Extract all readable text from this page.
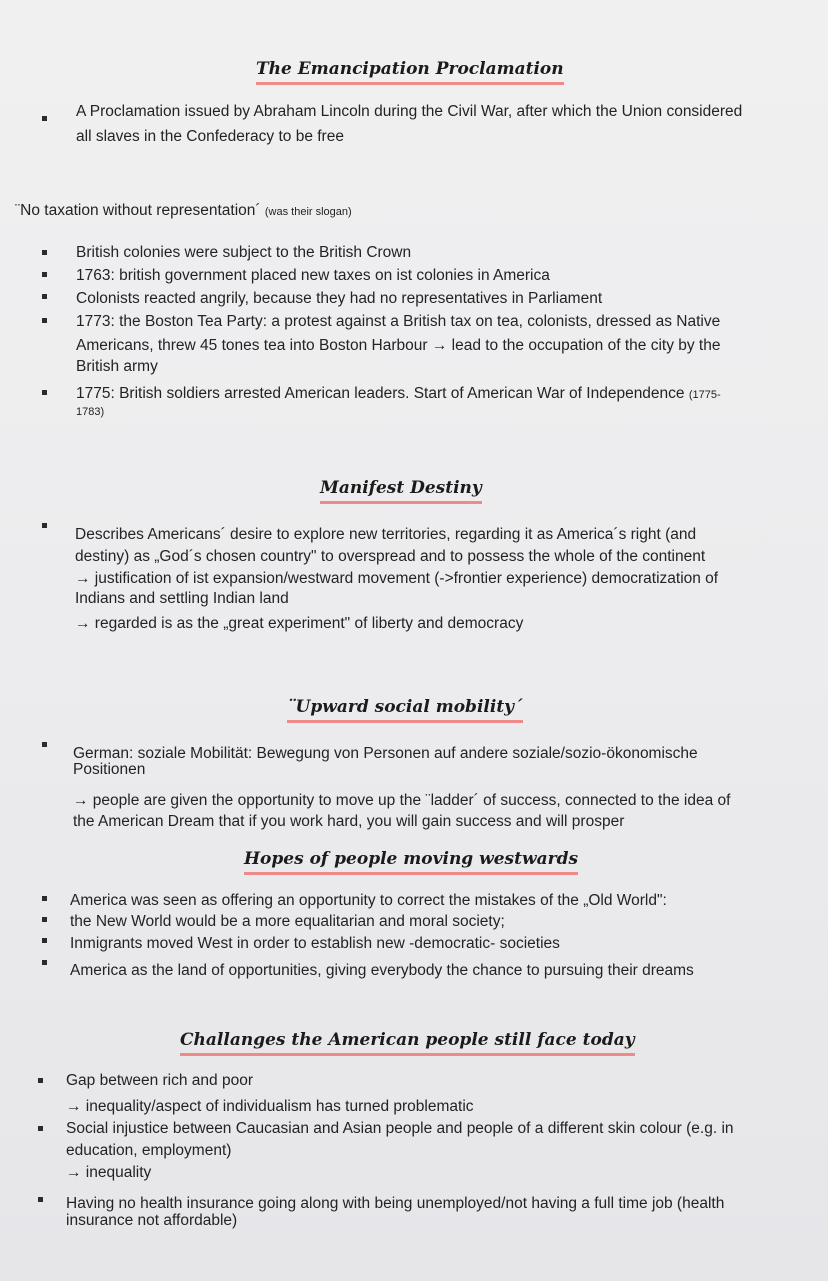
The Emancipation Proclamation
A Proclamation issued by Abraham Lincoln during the Civil War, after which the Union considered
all slaves in the Confederacy to be free
¨No taxation without representation´ (was their slogan)
British colonies were subject to the British Crown
1763: british government placed new taxes on ist colonies in America
Colonists reacted angrily, because they had no representatives in Parliament
1773: the Boston Tea Party: a protest against a British tax on tea, colonists, dressed as Native
Americans, threw 45 tones tea into Boston Harbour → lead to the occupation of the city by the
British army
1775: British soldiers arrested American leaders. Start of American War of Independence (1775-
1783)
Manifest Destiny
Describes Americans´ desire to explore new territories, regarding it as America´s right (and
destiny) as „God´s chosen country" to overspread and to possess the whole of the continent
→ justification of ist expansion/westward movement (->frontier experience) democratization of
Indians and settling Indian land
→ regarded is as the „great experiment" of liberty and democracy
¨Upward social mobility´
German: soziale Mobilität: Bewegung von Personen auf andere soziale/sozio-ökonomische
Positionen
→ people are given the opportunity to move up the ¨ladder´ of success, connected to the idea of
the American Dream that if you work hard, you will gain success and will prosper
Hopes of people moving westwards
America was seen as offering an opportunity to correct the mistakes of the „Old World":
the New World would be a more equalitarian and moral society;
Inmigrants moved West in order to establish new -democratic- societies
America as the land of opportunities, giving everybody the chance to pursuing their dreams
Challanges the American people still face today
Gap between rich and poor
→ inequality/aspect of individualism has turned problematic
Social injustice between Caucasian and Asian people and people of a different skin colour (e.g. in
education, employment)
→ inequality
Having no health insurance going along with being unemployed/not having a full time job (health
insurance not affordable)
